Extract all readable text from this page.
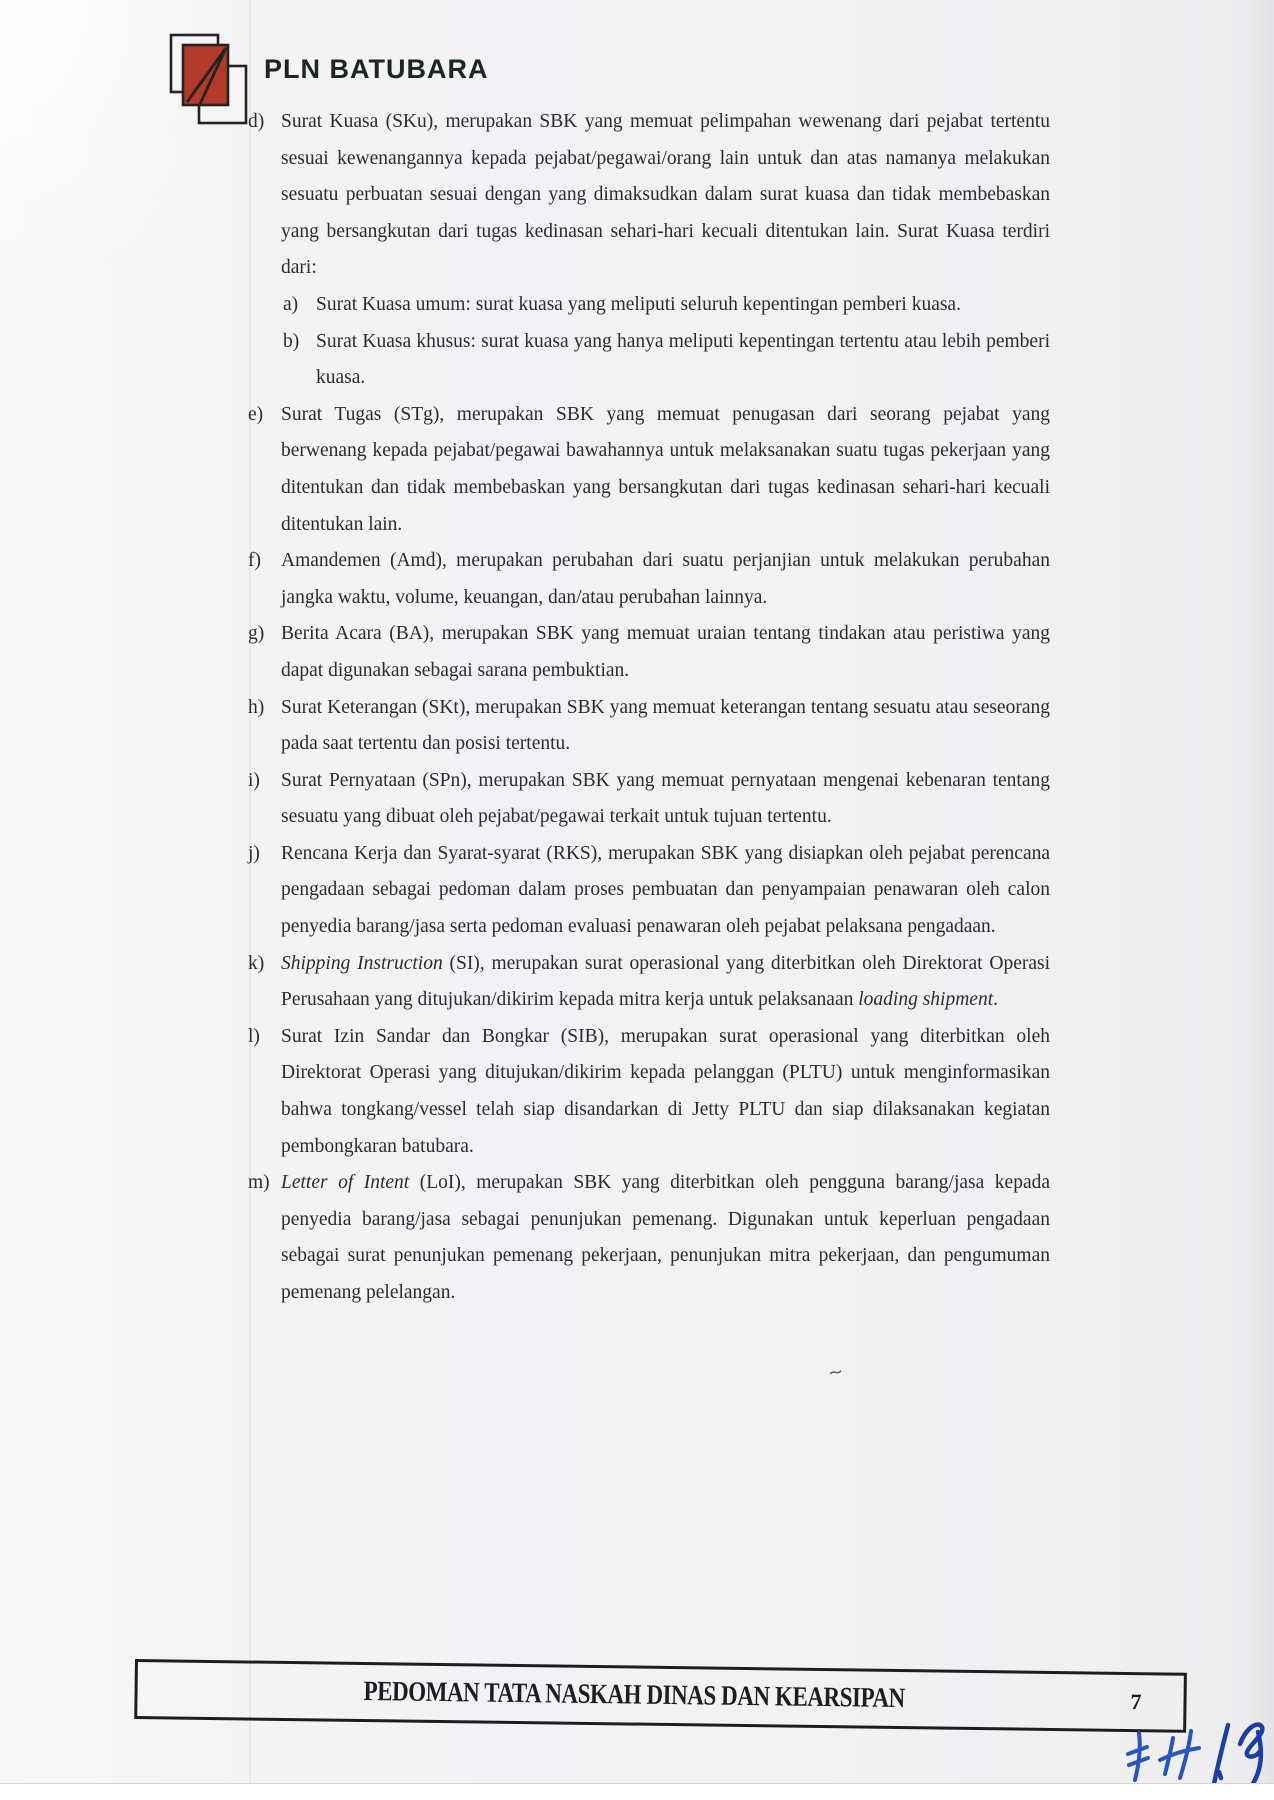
PLN BATUBARA
d) Surat Kuasa (SKu), merupakan SBK yang memuat pelimpahan wewenang dari pejabat tertentu sesuai kewenangannya kepada pejabat/pegawai/orang lain untuk dan atas namanya melakukan sesuatu perbuatan sesuai dengan yang dimaksudkan dalam surat kuasa dan tidak membebaskan yang bersangkutan dari tugas kedinasan sehari-hari kecuali ditentukan lain. Surat Kuasa terdiri dari:
a) Surat Kuasa umum: surat kuasa yang meliputi seluruh kepentingan pemberi kuasa.
b) Surat Kuasa khusus: surat kuasa yang hanya meliputi kepentingan tertentu atau lebih pemberi kuasa.
e) Surat Tugas (STg), merupakan SBK yang memuat penugasan dari seorang pejabat yang berwenang kepada pejabat/pegawai bawahannya untuk melaksanakan suatu tugas pekerjaan yang ditentukan dan tidak membebaskan yang bersangkutan dari tugas kedinasan sehari-hari kecuali ditentukan lain.
f)	Amandemen (Amd), merupakan perubahan dari suatu perjanjian untuk melakukan perubahan jangka waktu, volume, keuangan, dan/atau perubahan lainnya.
g) Berita Acara (BA), merupakan SBK yang memuat uraian tentang tindakan atau peristiwa yang dapat digunakan sebagai sarana pembuktian.
h) Surat Keterangan (SKt), merupakan SBK yang memuat keterangan tentang sesuatu atau seseorang pada saat tertentu dan posisi tertentu.
i)	Surat Pernyataan (SPn), merupakan SBK yang memuat pernyataan mengenai kebenaran tentang sesuatu yang dibuat oleh pejabat/pegawai terkait untuk tujuan tertentu.
j)	Rencana Kerja dan Syarat-syarat (RKS), merupakan SBK yang disiapkan oleh pejabat perencana pengadaan sebagai pedoman dalam proses pembuatan dan penyampaian penawaran oleh calon penyedia barang/jasa serta pedoman evaluasi penawaran oleh pejabat pelaksana pengadaan.
k) Shipping Instruction (SI), merupakan surat operasional yang diterbitkan oleh Direktorat Operasi Perusahaan yang ditujukan/dikirim kepada mitra kerja untuk pelaksanaan loading shipment.
l)	Surat Izin Sandar dan Bongkar (SIB), merupakan surat operasional yang diterbitkan oleh Direktorat Operasi yang ditujukan/dikirim kepada pelanggan (PLTU) untuk menginformasikan bahwa tongkang/vessel telah siap disandarkan di Jetty PLTU dan siap dilaksanakan kegiatan pembongkaran batubara.
m) Letter of Intent (LoI), merupakan SBK yang diterbitkan oleh pengguna barang/jasa kepada penyedia barang/jasa sebagai penunjukan pemenang. Digunakan untuk keperluan pengadaan sebagai surat penunjukan pemenang pekerjaan, penunjukan mitra pekerjaan, dan pengumuman pemenang pelelangan.
~
PEDOMAN TATA NASKAH DINAS DAN KEARSIPAN	7
